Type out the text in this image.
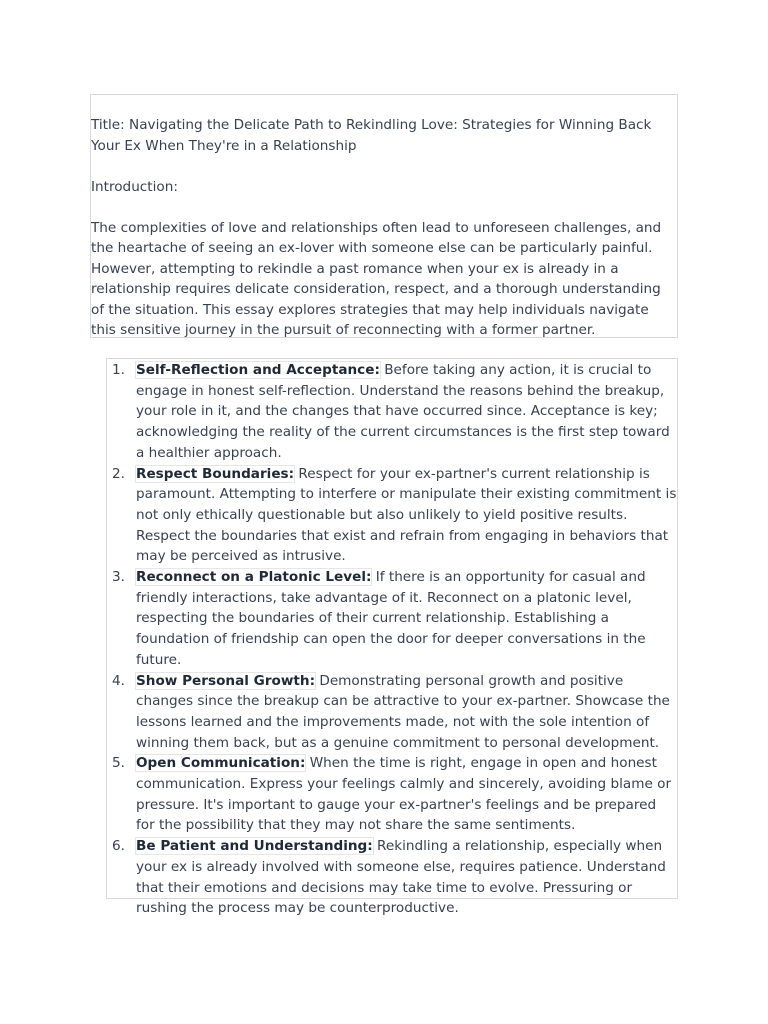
Title: Navigating the Delicate Path to Rekindling Love: Strategies for Winning Back Your Ex When They're in a Relationship

Introduction:

The complexities of love and relationships often lead to unforeseen challenges, and the heartache of seeing an ex-lover with someone else can be particularly painful. However, attempting to rekindle a past romance when your ex is already in a relationship requires delicate consideration, respect, and a thorough understanding of the situation. This essay explores strategies that may help individuals navigate this sensitive journey in the pursuit of reconnecting with a former partner.

1. Self-Reflection and Acceptance: Before taking any action, it is crucial to engage in honest self-reflection. Understand the reasons behind the breakup, your role in it, and the changes that have occurred since. Acceptance is key; acknowledging the reality of the current circumstances is the first step toward a healthier approach.
2. Respect Boundaries: Respect for your ex-partner's current relationship is paramount. Attempting to interfere or manipulate their existing commitment is not only ethically questionable but also unlikely to yield positive results. Respect the boundaries that exist and refrain from engaging in behaviors that may be perceived as intrusive.
3. Reconnect on a Platonic Level: If there is an opportunity for casual and friendly interactions, take advantage of it. Reconnect on a platonic level, respecting the boundaries of their current relationship. Establishing a foundation of friendship can open the door for deeper conversations in the future.
4. Show Personal Growth: Demonstrating personal growth and positive changes since the breakup can be attractive to your ex-partner. Showcase the lessons learned and the improvements made, not with the sole intention of winning them back, but as a genuine commitment to personal development.
5. Open Communication: When the time is right, engage in open and honest communication. Express your feelings calmly and sincerely, avoiding blame or pressure. It's important to gauge your ex-partner's feelings and be prepared for the possibility that they may not share the same sentiments.
6. Be Patient and Understanding: Rekindling a relationship, especially when your ex is already involved with someone else, requires patience. Understand that their emotions and decisions may take time to evolve. Pressuring or rushing the process may be counterproductive.
